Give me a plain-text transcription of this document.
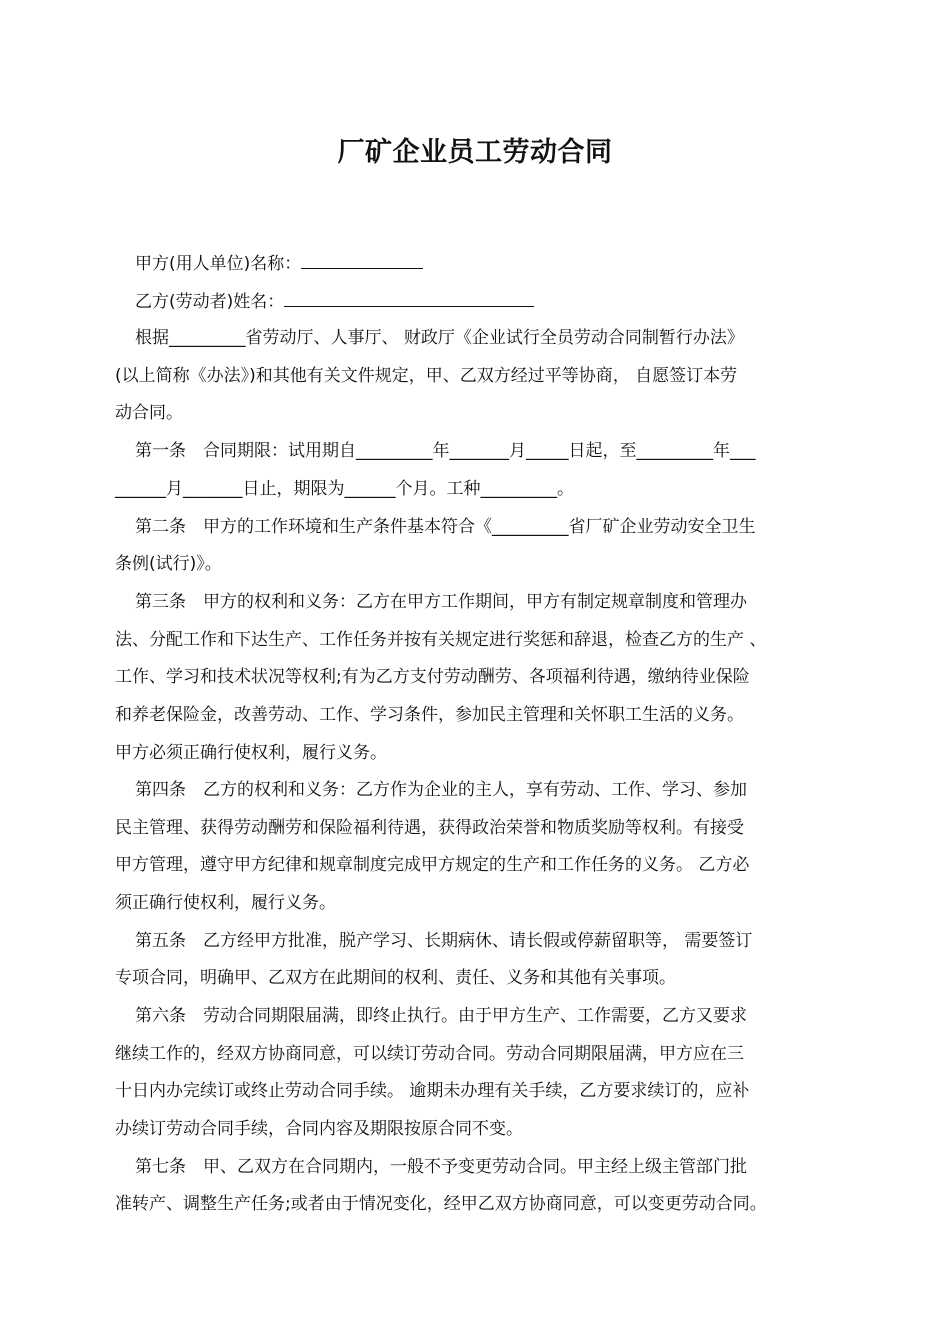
厂矿企业员工劳动合同
甲方(用人单位)名称：
乙方(劳动者)姓名：
根据_________省劳动厅、人事厅、 财政厅《企业试行全员劳动合同制暂行办法》
(以上简称《办法》)和其他有关文件规定，甲、乙双方经过平等协商， 自愿签订本劳
动合同。
第一条　合同期限：试用期自_________年_______月_____日起，至_________年___
______月_______日止，期限为______个月。工种_________。
第二条　甲方的工作环境和生产条件基本符合《_________省厂矿企业劳动安全卫生
条例(试行)》。
第三条　甲方的权利和义务：乙方在甲方工作期间，甲方有制定规章制度和管理办
法、分配工作和下达生产、工作任务并按有关规定进行奖惩和辞退，检查乙方的生产 、
工作、学习和技术状况等权利;有为乙方支付劳动酬劳、各项福利待遇，缴纳待业保险
和养老保险金，改善劳动、工作、学习条件，参加民主管理和关怀职工生活的义务。
甲方必须正确行使权利，履行义务。
第四条　乙方的权利和义务：乙方作为企业的主人，享有劳动、工作、学习、参加
民主管理、获得劳动酬劳和保险福利待遇，获得政治荣誉和物质奖励等权利。有接受
甲方管理，遵守甲方纪律和规章制度完成甲方规定的生产和工作任务的义务。 乙方必
须正确行使权利，履行义务。
第五条　乙方经甲方批准，脱产学习、长期病休、请长假或停薪留职等， 需要签订
专项合同，明确甲、乙双方在此期间的权利、责任、义务和其他有关事项。
第六条　劳动合同期限届满，即终止执行。由于甲方生产、工作需要，乙方又要求
继续工作的，经双方协商同意，可以续订劳动合同。劳动合同期限届满，甲方应在三
十日内办完续订或终止劳动合同手续。 逾期未办理有关手续，乙方要求续订的，应补
办续订劳动合同手续，合同内容及期限按原合同不变。
第七条　甲、乙双方在合同期内，一般不予变更劳动合同。甲主经上级主管部门批
准转产、调整生产任务;或者由于情况变化，经甲乙双方协商同意，可以变更劳动合同。
